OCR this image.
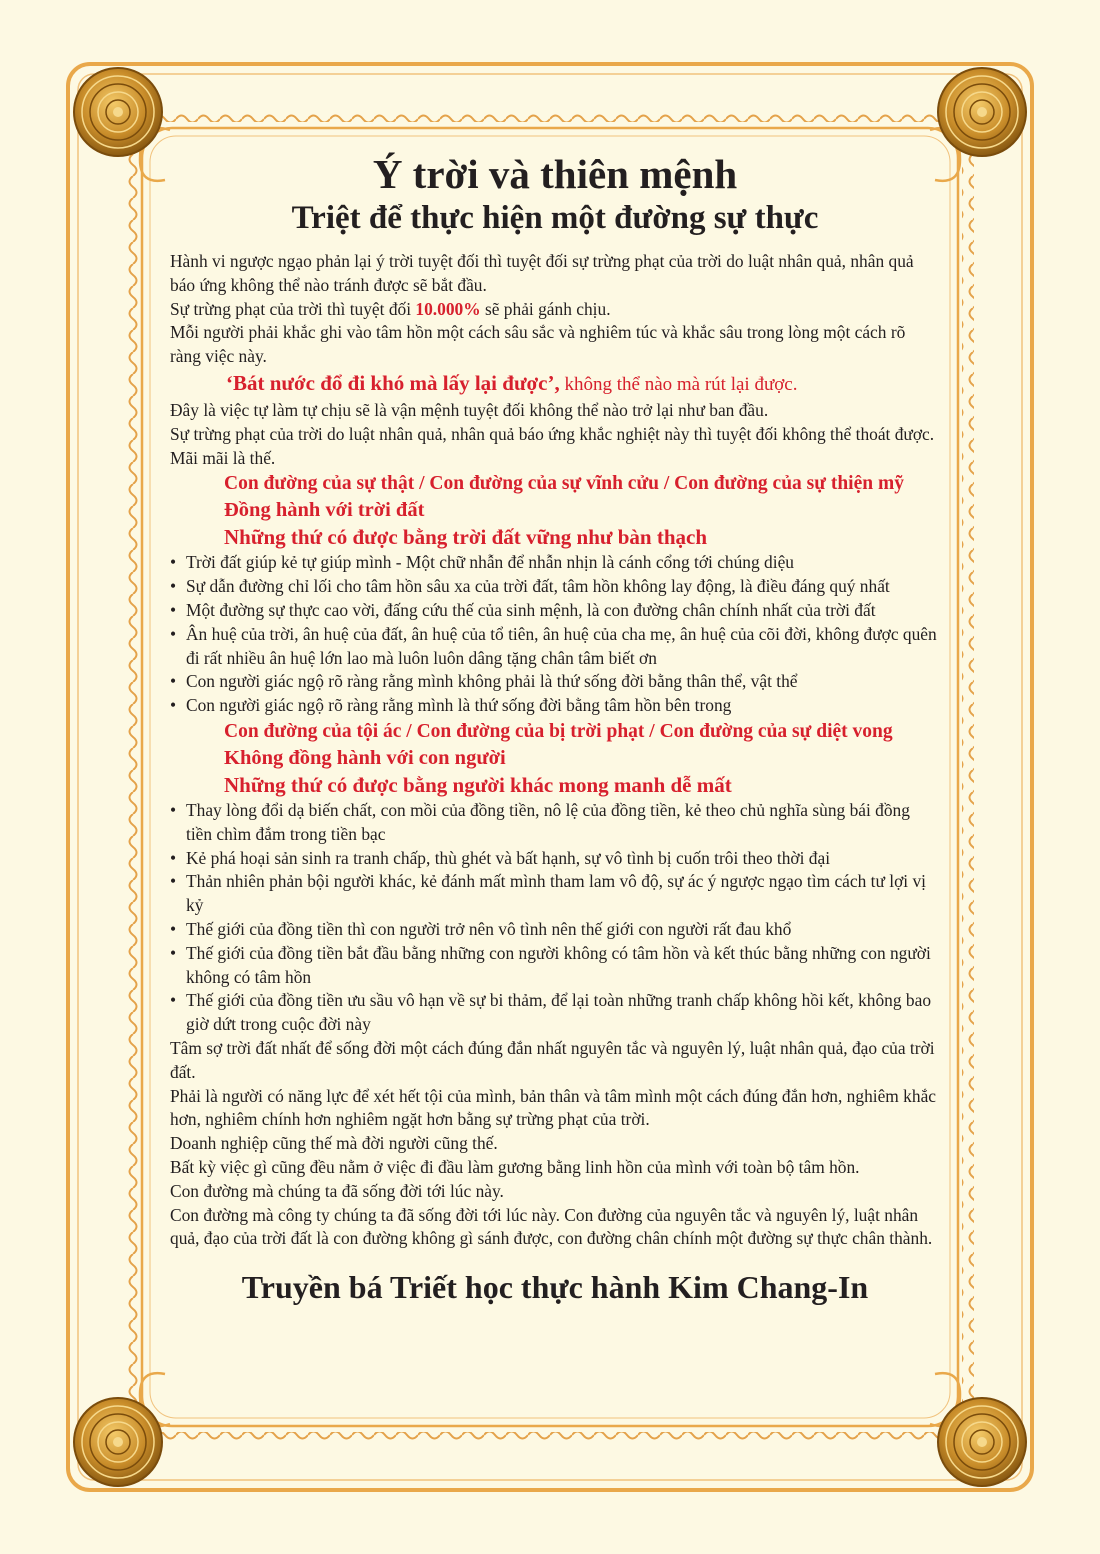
Ý trời và thiên mệnh
Triệt để thực hiện một đường sự thực

Hành vi ngược ngạo phản lại ý trời tuyệt đối thì tuyệt đối sự trừng phạt của trời do luật nhân quả, nhân quả báo ứng không thể nào tránh được sẽ bắt đầu.

Sự trừng phạt của trời thì tuyệt đối 10.000% sẽ phải gánh chịu.

Mỗi người phải khắc ghi vào tâm hồn một cách sâu sắc và nghiêm túc và khắc sâu trong lòng một cách rõ ràng việc này.

‘Bát nước đổ đi khó mà lấy lại được’, không thể nào mà rút lại được.

Đây là việc tự làm tự chịu sẽ là vận mệnh tuyệt đối không thể nào trở lại như ban đầu.

Sự trừng phạt của trời do luật nhân quả, nhân quả báo ứng khắc nghiệt này thì tuyệt đối không thể thoát được. Mãi mãi là thế.

Con đường của sự thật / Con đường của sự vĩnh cửu / Con đường của sự thiện mỹ

Đồng hành với trời đất

Những thứ có được bằng trời đất vững như bàn thạch

• Trời đất giúp kẻ tự giúp mình - Một chữ nhẫn để nhẫn nhịn là cánh cổng tới chúng diệu
• Sự dẫn đường chỉ lối cho tâm hồn sâu xa của trời đất, tâm hồn không lay động, là điều đáng quý nhất
• Một đường sự thực cao vời, đấng cứu thế của sinh mệnh, là con đường chân chính nhất của trời đất
• Ân huệ của trời, ân huệ của đất, ân huệ của tổ tiên, ân huệ của cha mẹ, ân huệ của cõi đời, không được quên đi rất nhiều ân huệ lớn lao mà luôn luôn dâng tặng chân tâm biết ơn
• Con người giác ngộ rõ ràng rằng mình không phải là thứ sống đời bằng thân thể, vật thể
• Con người giác ngộ rõ ràng rằng mình là thứ sống đời bằng tâm hồn bên trong

Con đường của tội ác / Con đường của bị trời phạt / Con đường của sự diệt vong

Không đồng hành với con người

Những thứ có được bằng người khác mong manh dễ mất

• Thay lòng đổi dạ biến chất, con mồi của đồng tiền, nô lệ của đồng tiền, kẻ theo chủ nghĩa sùng bái đồng tiền chìm đắm trong tiền bạc
• Kẻ phá hoại sản sinh ra tranh chấp, thù ghét và bất hạnh, sự vô tình bị cuốn trôi theo thời đại
• Thản nhiên phản bội người khác, kẻ đánh mất mình tham lam vô độ, sự ác ý ngược ngạo tìm cách tư lợi vị kỷ
• Thế giới của đồng tiền thì con người trở nên vô tình nên thế giới con người rất đau khổ
• Thế giới của đồng tiền bắt đầu bằng những con người không có tâm hồn và kết thúc bằng những con người không có tâm hồn
• Thế giới của đồng tiền ưu sầu vô hạn về sự bi thảm, để lại toàn những tranh chấp không hồi kết, không bao giờ dứt trong cuộc đời này

Tâm sợ trời đất nhất để sống đời một cách đúng đắn nhất nguyên tắc và nguyên lý, luật nhân quả, đạo của trời đất.

Phải là người có năng lực để xét hết tội của mình, bản thân và tâm mình một cách đúng đắn hơn, nghiêm khắc hơn, nghiêm chính hơn nghiêm ngặt hơn bằng sự trừng phạt của trời.

Doanh nghiệp cũng thế mà đời người cũng thế.

Bất kỳ việc gì cũng đều nằm ở việc đi đầu làm gương bằng linh hồn của mình với toàn bộ tâm hồn.

Con đường mà chúng ta đã sống đời tới lúc này.

Con đường mà công ty chúng ta đã sống đời tới lúc này. Con đường của nguyên tắc và nguyên lý, luật nhân quả, đạo của trời đất là con đường không gì sánh được, con đường chân chính một đường sự thực chân thành.

Truyền bá Triết học thực hành Kim Chang-In
